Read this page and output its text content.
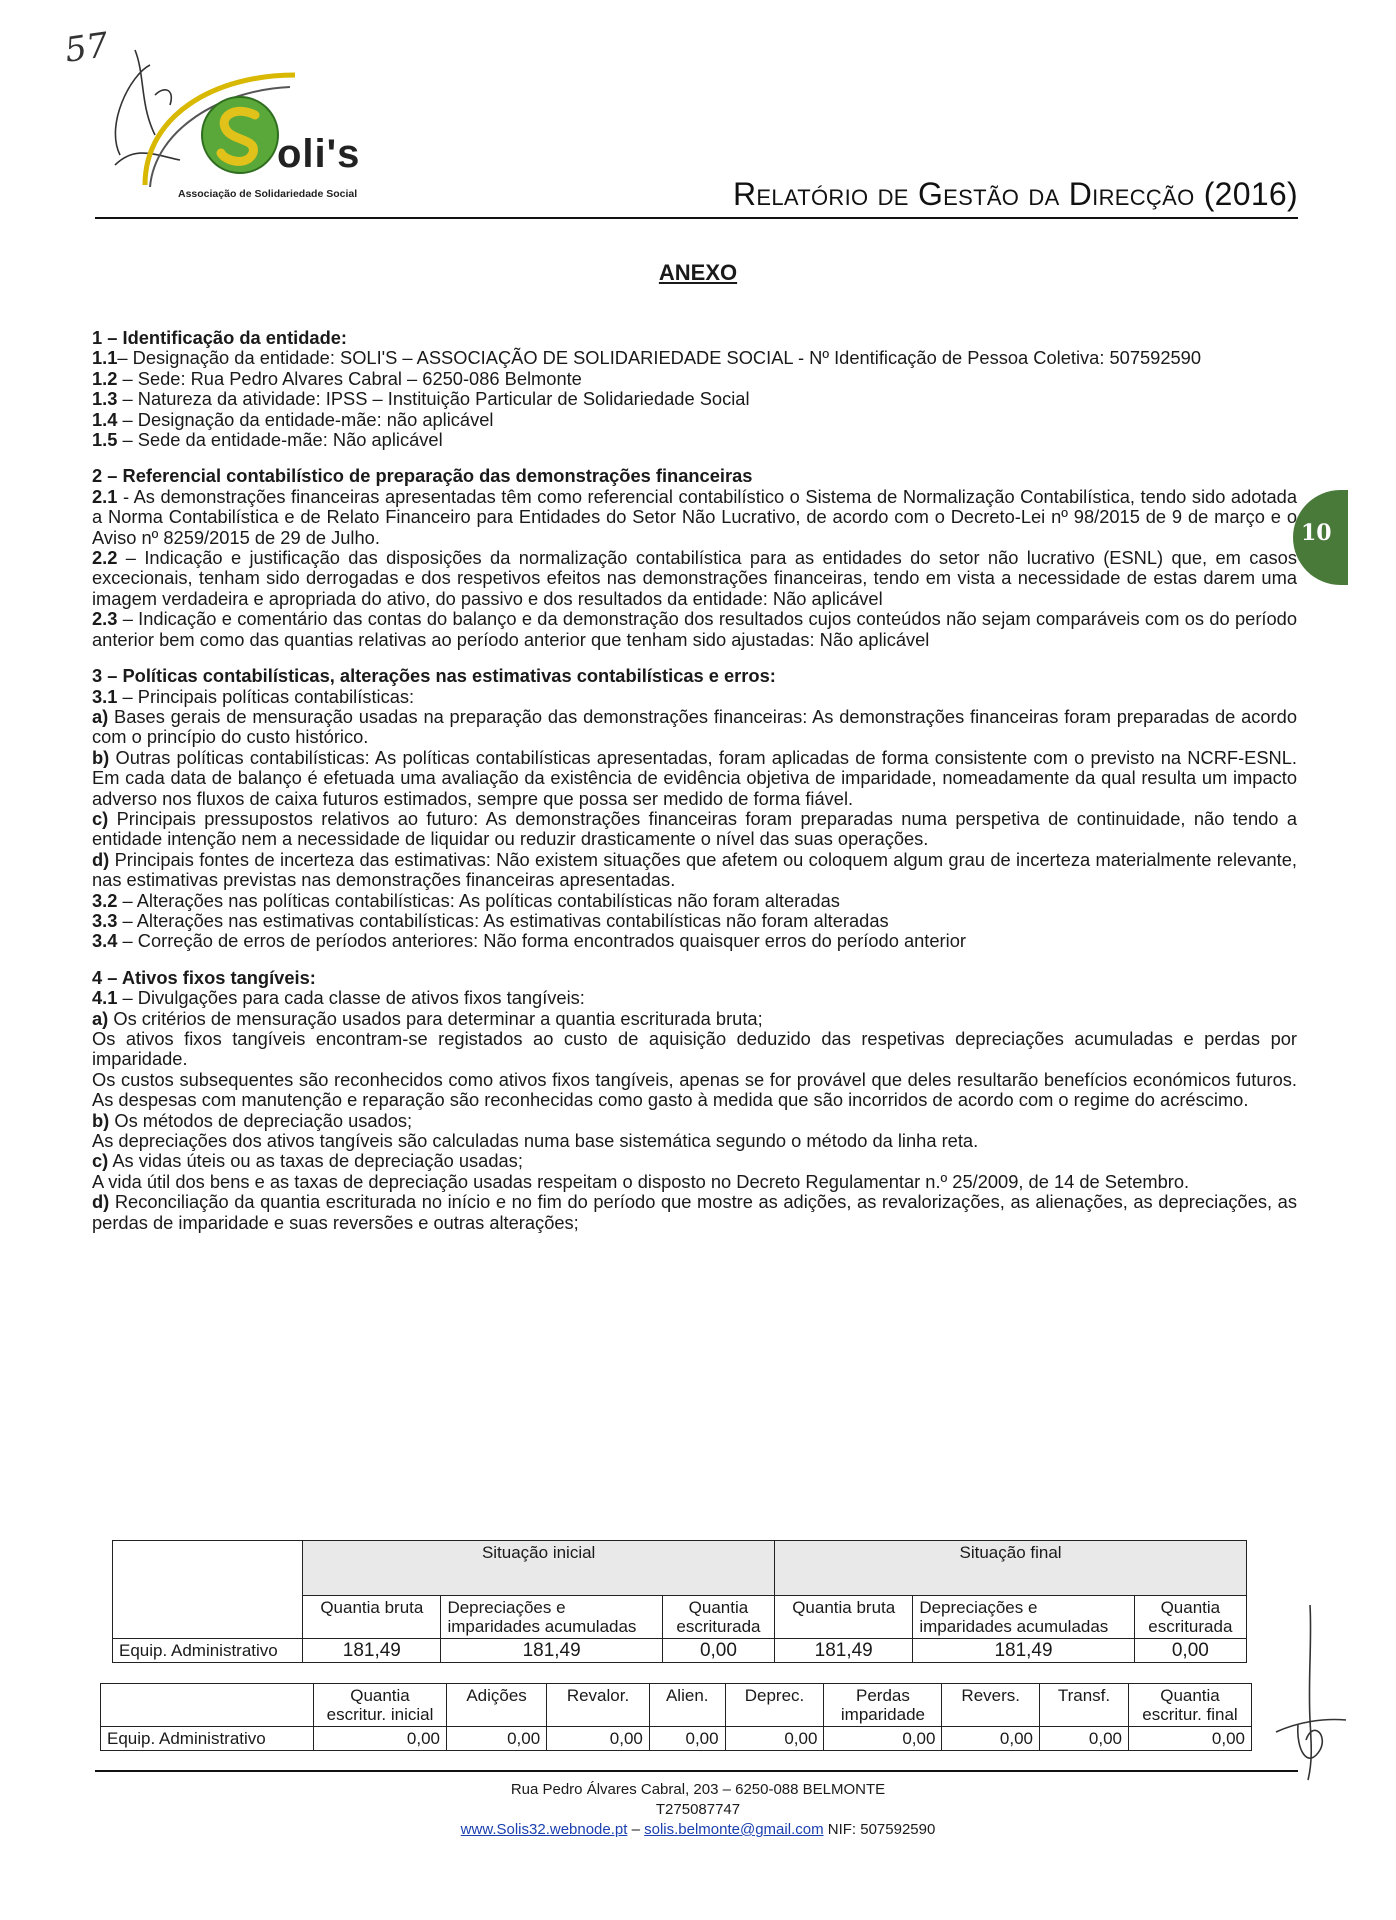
57
oli's
Associação de Solidariedade Social	Relatório de Gestão da Direcção (2016)
10
ANEXO

1 – Identificação da entidade:

1.1– Designação da entidade: SOLI'S – ASSOCIAÇÃO DE SOLIDARIEDADE SOCIAL - Nº Identificação de Pessoa Coletiva: 507592590

1.2 – Sede: Rua Pedro Alvares Cabral – 6250-086 Belmonte

1.3 – Natureza da atividade: IPSS – Instituição Particular de Solidariedade Social

1.4 – Designação da entidade-mãe: não aplicável

1.5 – Sede da entidade-mãe: Não aplicável

2 – Referencial contabilístico de preparação das demonstrações financeiras

2.1 - As demonstrações financeiras apresentadas têm como referencial contabilístico o Sistema de Normalização Contabilística, tendo sido adotada a Norma Contabilística e de Relato Financeiro para Entidades do Setor Não Lucrativo, de acordo com o Decreto-Lei nº 98/2015 de 9 de março e o Aviso nº 8259/2015 de 29 de Julho.

2.2 – Indicação e justificação das disposições da normalização contabilística para as entidades do setor não lucrativo (ESNL) que, em casos excecionais, tenham sido derrogadas e dos respetivos efeitos nas demonstrações financeiras, tendo em vista a necessidade de estas darem uma imagem verdadeira e apropriada do ativo, do passivo e dos resultados da entidade: Não aplicável

2.3 – Indicação e comentário das contas do balanço e da demonstração dos resultados cujos conteúdos não sejam comparáveis com os do período anterior bem como das quantias relativas ao período anterior que tenham sido ajustadas: Não aplicável

3 – Políticas contabilísticas, alterações nas estimativas contabilísticas e erros:

3.1 – Principais políticas contabilísticas:

a) Bases gerais de mensuração usadas na preparação das demonstrações financeiras: As demonstrações financeiras foram preparadas de acordo com o princípio do custo histórico.

b) Outras políticas contabilísticas: As políticas contabilísticas apresentadas, foram aplicadas de forma consistente com o previsto na NCRF-ESNL. Em cada data de balanço é efetuada uma avaliação da existência de evidência objetiva de imparidade, nomeadamente da qual resulta um impacto adverso nos fluxos de caixa futuros estimados, sempre que possa ser medido de forma fiável.

c) Principais pressupostos relativos ao futuro: As demonstrações financeiras foram preparadas numa perspetiva de continuidade, não tendo a entidade intenção nem a necessidade de liquidar ou reduzir drasticamente o nível das suas operações.

d) Principais fontes de incerteza das estimativas: Não existem situações que afetem ou coloquem algum grau de incerteza materialmente relevante, nas estimativas previstas nas demonstrações financeiras apresentadas.

3.2 – Alterações nas políticas contabilísticas: As políticas contabilísticas não foram alteradas

3.3 – Alterações nas estimativas contabilísticas: As estimativas contabilísticas não foram alteradas

3.4 – Correção de erros de períodos anteriores: Não forma encontrados quaisquer erros do período anterior

4 – Ativos fixos tangíveis:

4.1 – Divulgações para cada classe de ativos fixos tangíveis:

a) Os critérios de mensuração usados para determinar a quantia escriturada bruta;

Os ativos fixos tangíveis encontram-se registados ao custo de aquisição deduzido das respetivas depreciações acumuladas e perdas por imparidade.

Os custos subsequentes são reconhecidos como ativos fixos tangíveis, apenas se for provável que deles resultarão benefícios económicos futuros. As despesas com manutenção e reparação são reconhecidas como gasto à medida que são incorridos de acordo com o regime do acréscimo.

b) Os métodos de depreciação usados;

As depreciações dos ativos tangíveis são calculadas numa base sistemática segundo o método da linha reta.

c) As vidas úteis ou as taxas de depreciação usadas;

A vida útil dos bens e as taxas de depreciação usadas respeitam o disposto no Decreto Regulamentar n.º 25/2009, de 14 de Setembro.

d) Reconciliação da quantia escriturada no início e no fim do período que mostre as adições, as revalorizações, as alienações, as depreciações, as perdas de imparidade e suas reversões e outras alterações;

	Situação inicial			Situação final		
	Quantia bruta	Depreciações e imparidades acumuladas	Quantia escriturada	Quantia bruta	Depreciações e imparidades acumuladas	Quantia escriturada
Equip. Administrativo	181,49	181,49	0,00	181,49	181,49	0,00
	Quantia escritur. inicial	Adições	Revalor.	Alien.	Deprec.	Perdas imparidade	Revers.	Transf.	Quantia escritur. final
Equip. Administrativo	0,00	0,00	0,00	0,00	0,00	0,00	0,00	0,00	0,00
Rua Pedro Álvares Cabral, 203 – 6250-088 BELMONTE
T275087747
www.Solis32.webnode.pt – solis.belmonte@gmail.com NIF: 507592590
